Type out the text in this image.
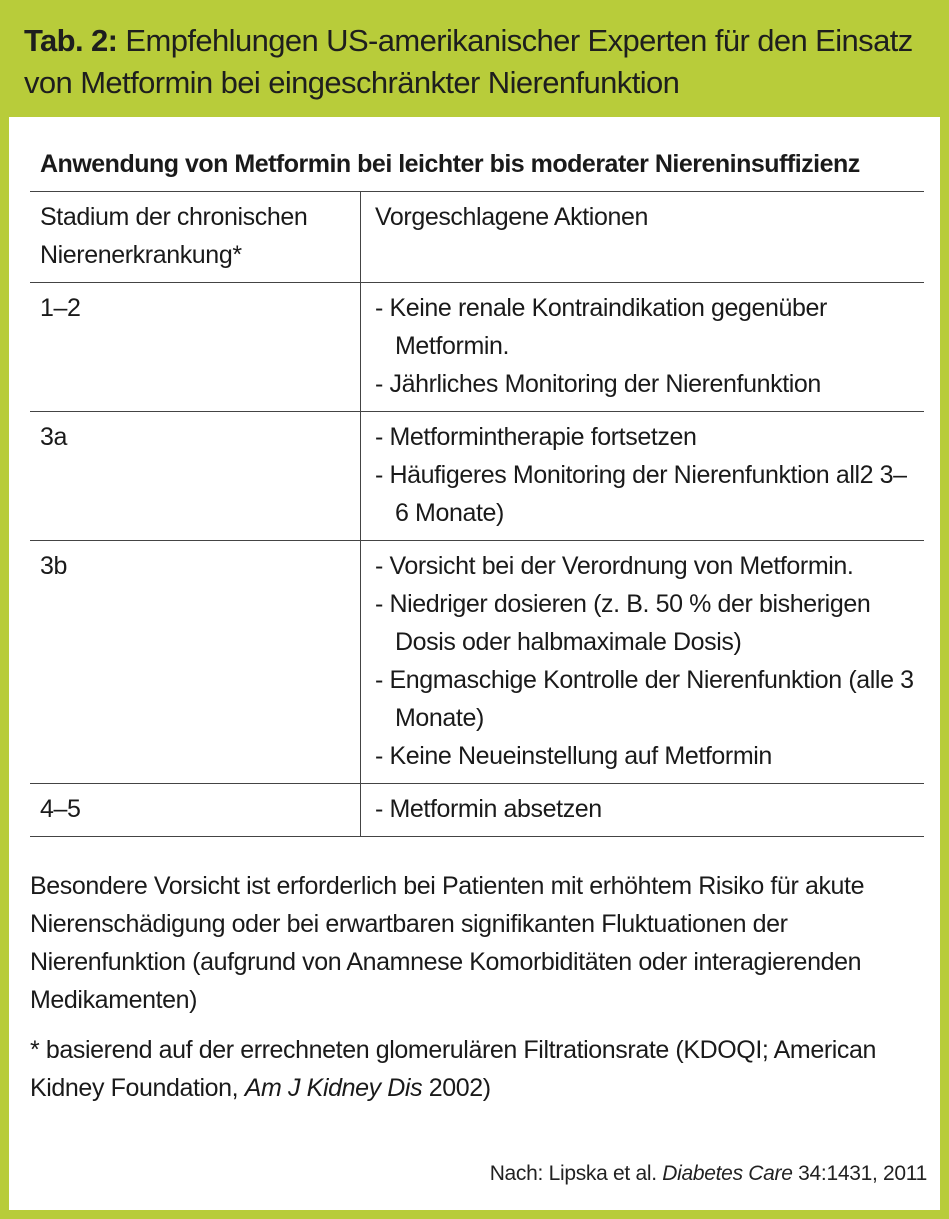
Tab. 2: Empfehlungen US-amerikanischer Experten für den Einsatz von Metformin bei eingeschränkter Nierenfunktion
Anwendung von Metformin bei leichter bis moderater Niereninsuffizienz
Stadium der chronischen Nierenerkrankung*	Vorgeschlagene Aktionen
1–2	- Keine renale Kontraindikation gegenüber Metformin.
- Jährliches Monitoring der Nierenfunktion

3a	- Metformintherapie fortsetzen
- Häufigeres Monitoring der Nierenfunktion all2 3–6 Monate)

3b	- Vorsicht bei der Verordnung von Metformin.
- Niedriger dosieren (z. B. 50 % der bisherigen Dosis oder halbmaximale Dosis)
- Engmaschige Kontrolle der Nierenfunktion (alle 3 Monate)
- Keine Neueinstellung auf Metformin

4–5	- Metformin absetzen
Besondere Vorsicht ist erforderlich bei Patienten mit erhöhtem Risiko für akute Nierenschädigung oder bei erwartbaren signifikanten Fluktuationen der Nierenfunktion (aufgrund von Anamnese Komorbiditäten oder interagierenden Medikamenten)
* basierend auf der errechneten glomerulären Filtrationsrate (KDOQI; American Kidney Foundation, Am J Kidney Dis 2002)
Nach: Lipska et al. Diabetes Care 34:1431, 2011
